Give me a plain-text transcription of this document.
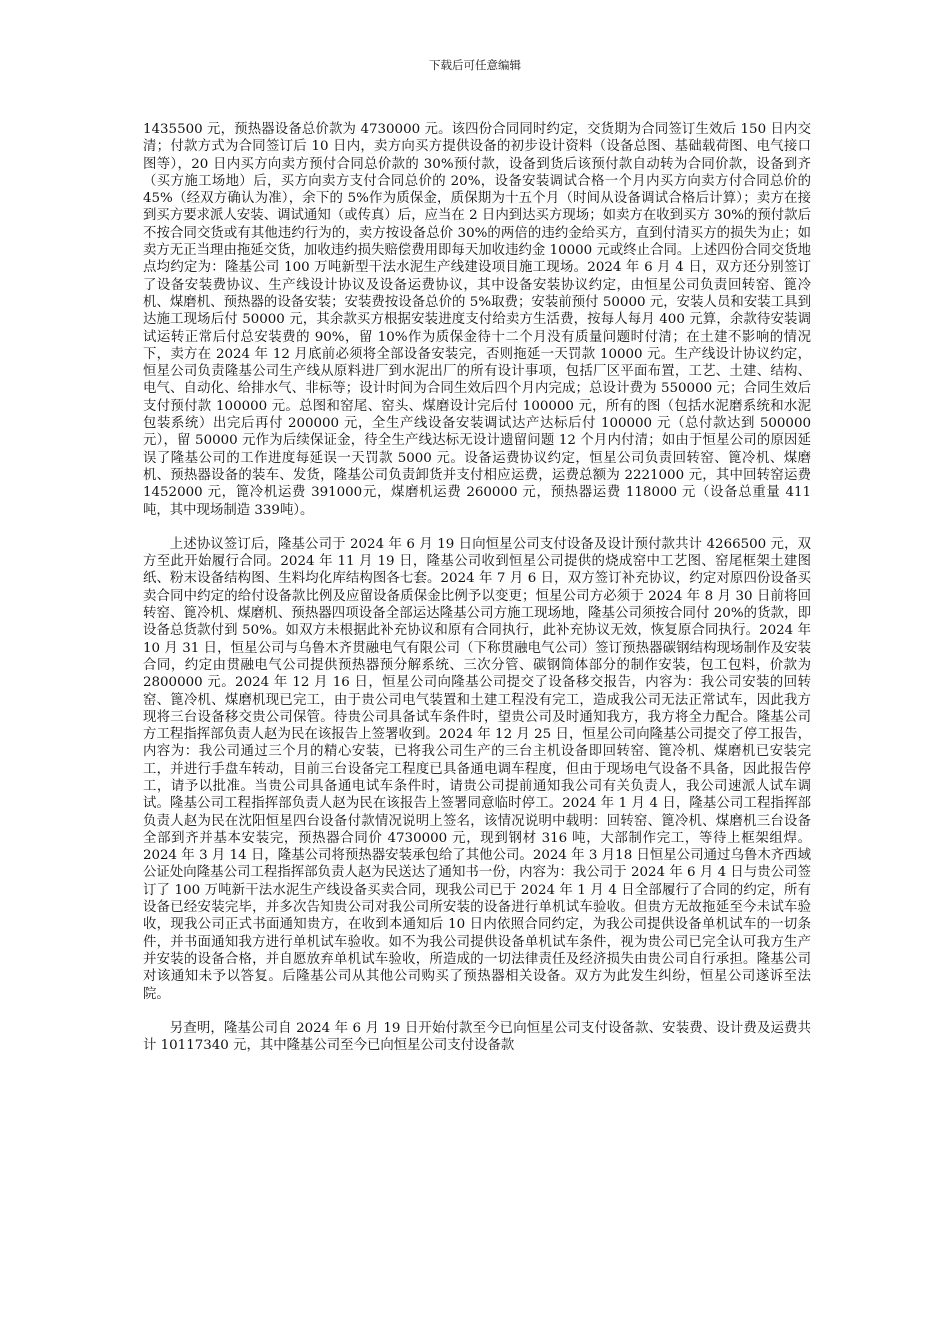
下载后可任意编辑

1435500 元，预热器设备总价款为 4730000 元。该四份合同同时约定，交货期为合同签订生效后 150 日内交清；付款方式为合同签订后 10 日内，卖方向买方提供设备的初步设计资料（设备总图、基础载荷图、电气接口图等），20 日内买方向卖方预付合同总价款的 30%预付款，设备到货后该预付款自动转为合同价款，设备到齐（买方施工场地）后，买方向卖方支付合同总价的 20%，设备安装调试合格一个月内买方向卖方付合同总价的 45%（经双方确认为准），余下的 5%作为质保金，质保期为十五个月（时间从设备调试合格后计算）；卖方在接到买方要求派人安装、调试通知（或传真）后，应当在 2 日内到达买方现场；如卖方在收到买方 30%的预付款后不按合同交货或有其他违约行为的，卖方按设备总价 30%的两倍的违约金给买方，直到付清买方的损失为止；如卖方无正当理由拖延交货，加收违约损失赔偿费用即每天加收违约金 10000 元或终止合同。上述四份合同交货地点均约定为：隆基公司 100 万吨新型干法水泥生产线建设项目施工现场。2024 年 6 月 4 日，双方还分别签订了设备安装费协议、生产线设计协议及设备运费协议，其中设备安装协议约定，由恒星公司负责回转窑、篦冷机、煤磨机、预热器的设备安装；安装费按设备总价的 5%取费；安装前预付 50000 元，安装人员和安装工具到达施工现场后付 50000 元，其余款买方根据安装进度支付给卖方生活费，按每人每月 400 元算，余款待安装调试运转正常后付总安装费的 90%，留 10%作为质保金待十二个月没有质量问题时付清；在土建不影响的情况下，卖方在 2024 年 12 月底前必须将全部设备安装完，否则拖延一天罚款 10000 元。生产线设计协议约定，恒星公司负责隆基公司生产线从原料进厂到水泥出厂的所有设计事项，包括厂区平面布置，工艺、土建、结构、电气、自动化、给排水气、非标等；设计时间为合同生效后四个月内完成；总设计费为 550000 元；合同生效后支付预付款 100000 元。总图和窑尾、窑头、煤磨设计完后付 100000 元，所有的图（包括水泥磨系统和水泥包装系统）出完后再付 200000 元，全生产线设备安装调试达产达标后付 100000 元（总付款达到 500000元），留 50000 元作为后续保证金，待全生产线达标无设计遗留问题 12 个月内付清；如由于恒星公司的原因延误了隆基公司的工作进度每延误一天罚款 5000 元。设备运费协议约定，恒星公司负责回转窑、篦冷机、煤磨机、预热器设备的装车、发货，隆基公司负责卸货并支付相应运费，运费总额为 2221000 元，其中回转窑运费 1452000 元，篦冷机运费 391000元，煤磨机运费 260000 元，预热器运费 118000 元（设备总重量 411 吨，其中现场制造 339吨）。

上述协议签订后，隆基公司于 2024 年 6 月 19 日向恒星公司支付设备及设计预付款共计 4266500 元，双方至此开始履行合同。2024 年 11 月 19 日，隆基公司收到恒星公司提供的烧成窑中工艺图、窑尾框架土建图纸、粉末设备结构图、生料均化库结构图各七套。2024 年 7 月 6 日，双方签订补充协议，约定对原四份设备买卖合同中约定的给付设备款比例及应留设备质保金比例予以变更；恒星公司方必须于 2024 年 8 月 30 日前将回转窑、篦冷机、煤磨机、预热器四项设备全部运达隆基公司方施工现场地，隆基公司须按合同付 20%的货款，即设备总货款付到 50%。如双方未根据此补充协议和原有合同执行，此补充协议无效，恢复原合同执行。2024 年 10 月 31 日，恒星公司与乌鲁木齐贯融电气有限公司（下称贯融电气公司）签订预热器碳钢结构现场制作及安装合同，约定由贯融电气公司提供预热器预分解系统、三次分管、碳钢筒体部分的制作安装，包工包料，价款为 2800000 元。2024 年 12 月 16 日，恒星公司向隆基公司提交了设备移交报告，内容为：我公司安装的回转窑、篦冷机、煤磨机现已完工，由于贵公司电气装置和土建工程没有完工，造成我公司无法正常试车，因此我方现将三台设备移交贵公司保管。待贵公司具备试车条件时，望贵公司及时通知我方，我方将全力配合。隆基公司方工程指挥部负责人赵为民在该报告上签署收到。2024 年 12 月 25 日，恒星公司向隆基公司提交了停工报告，内容为：我公司通过三个月的精心安装，已将我公司生产的三台主机设备即回转窑、篦冷机、煤磨机已安装完工，并进行手盘车转动，目前三台设备完工程度已具备通电调车程度，但由于现场电气设备不具备，因此报告停工，请予以批准。当贵公司具备通电试车条件时，请贵公司提前通知我公司有关负责人，我公司速派人试车调试。隆基公司工程指挥部负责人赵为民在该报告上签署同意临时停工。2024 年 1 月 4 日，隆基公司工程指挥部负责人赵为民在沈阳恒星四台设备付款情况说明上签名，该情况说明中载明：回转窑、篦冷机、煤磨机三台设备全部到齐并基本安装完，预热器合同价 4730000 元，现到钢材 316 吨，大部制作完工，等待上框架组焊。2024 年 3 月 14 日，隆基公司将预热器安装承包给了其他公司。2024 年 3 月18 日恒星公司通过乌鲁木齐西域公证处向隆基公司工程指挥部负责人赵为民送达了通知书一份，内容为：我公司于 2024 年 6 月 4 日与贵公司签订了 100 万吨新干法水泥生产线设备买卖合同，现我公司已于 2024 年 1 月 4 日全部履行了合同的约定，所有设备已经安装完毕，并多次告知贵公司对我公司所安装的设备进行单机试车验收。但贵方无故拖延至今未试车验收，现我公司正式书面通知贵方，在收到本通知后 10 日内依照合同约定，为我公司提供设备单机试车的一切条件，并书面通知我方进行单机试车验收。如不为我公司提供设备单机试车条件，视为贵公司已完全认可我方生产并安装的设备合格，并自愿放弃单机试车验收，所造成的一切法律责任及经济损失由贵公司自行承担。隆基公司对该通知未予以答复。后隆基公司从其他公司购买了预热器相关设备。双方为此发生纠纷，恒星公司遂诉至法院。

另查明，隆基公司自 2024 年 6 月 19 日开始付款至今已向恒星公司支付设备款、安装费、设计费及运费共计 10117340 元，其中隆基公司至今已向恒星公司支付设备款
